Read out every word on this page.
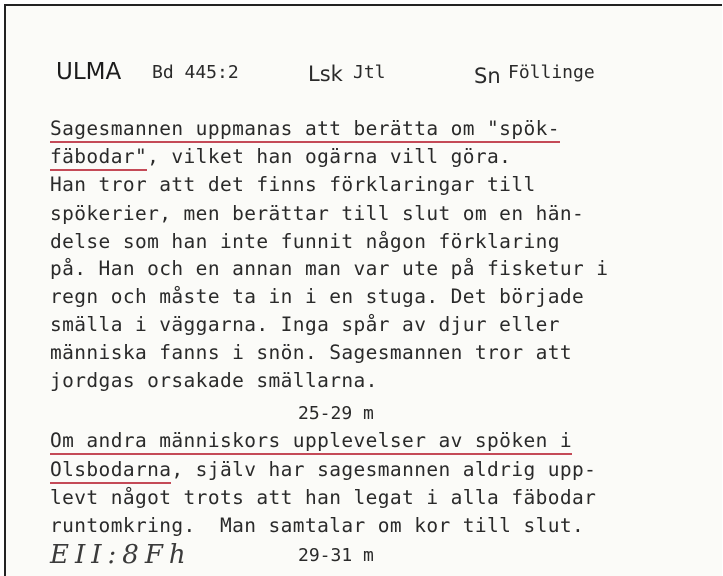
ULMA Bd 445:2	Lsk Jtl	Sn Föllinge
Sagesmannen uppmanas att berätta om "spök-
fäbodar", vilket han ogärna vill göra.
Han tror att det finns förklaringar till
spökerier, men berättar till slut om en hän-
delse som han inte funnit någon förklaring
på. Han och en annan man var ute på fisketur i
regn och måste ta in i en stuga. Det började
smälla i väggarna. Inga spår av djur eller
människa fanns i snön. Sagesmannen tror att
jordgas orsakade smällarna.
25-29 m
Om andra människors upplevelser av spöken i
Olsbodarna, själv har sagesmannen aldrig upp-
levt något trots att han legat i alla fäbodar
runtomkring.  Man samtalar om kor till slut.
29-31 m
EII:8Fh
